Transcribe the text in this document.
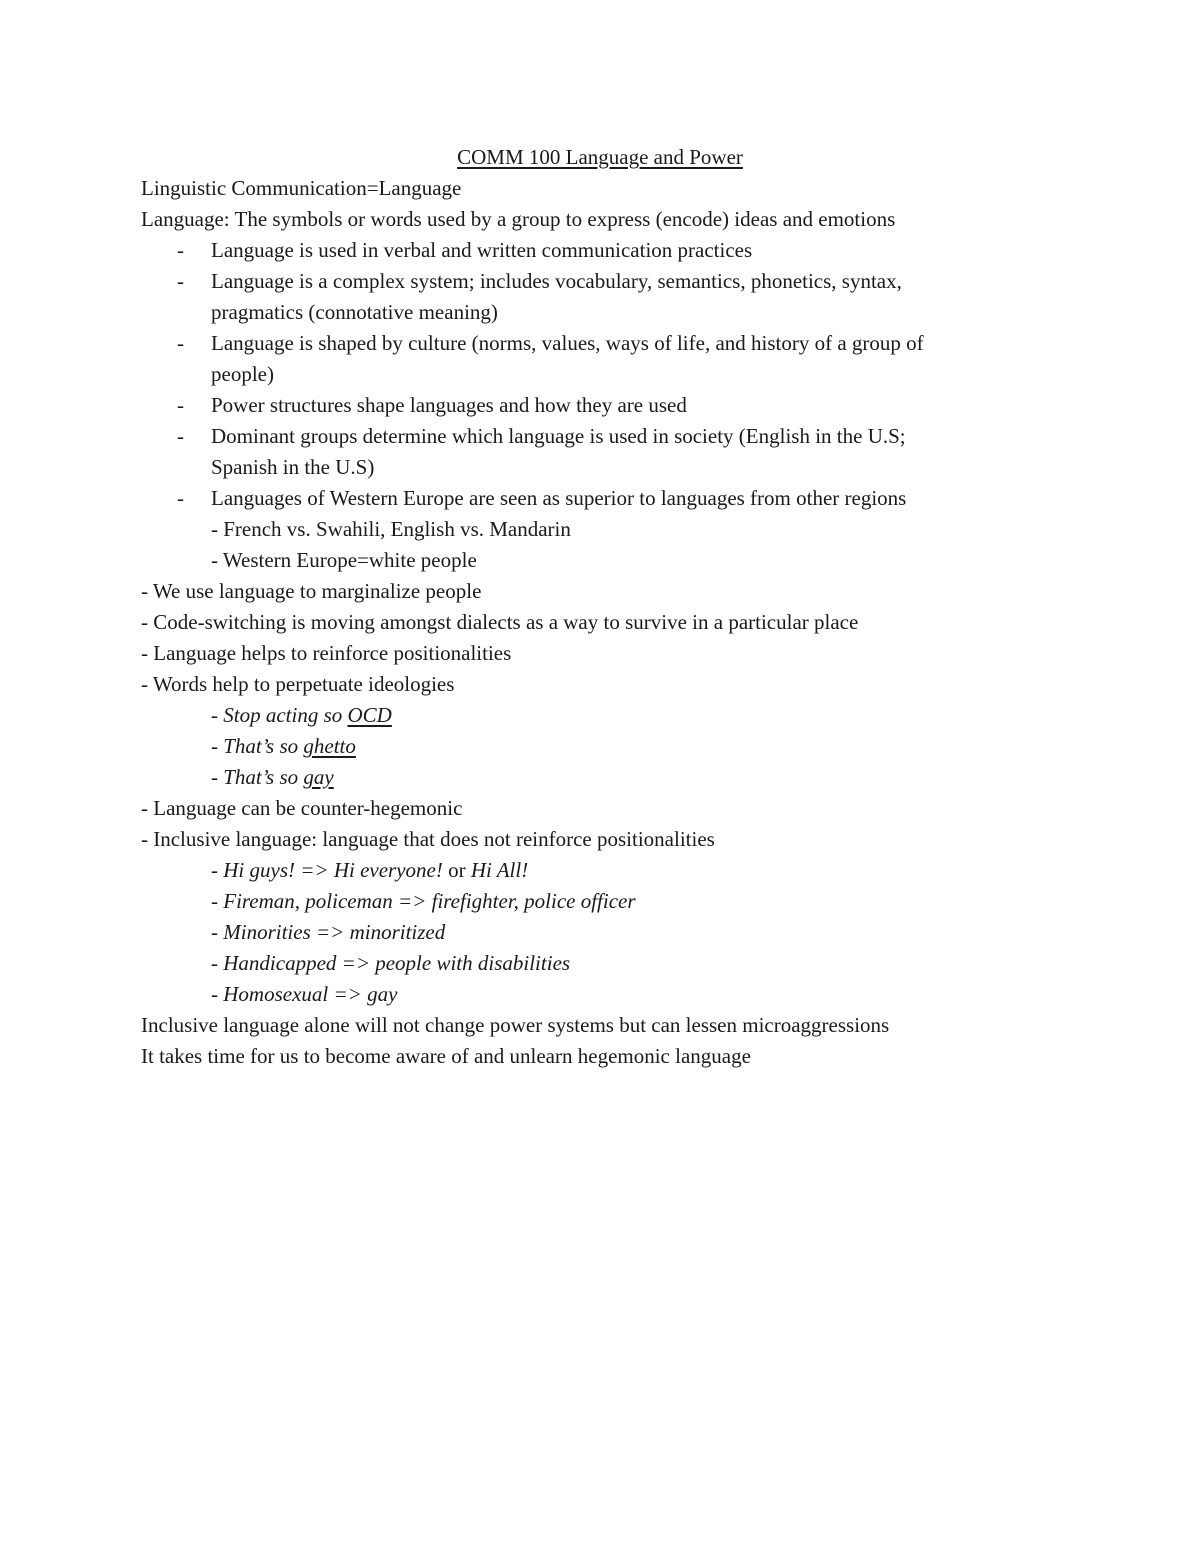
COMM 100 Language and Power
Linguistic Communication=Language
Language: The symbols or words used by a group to express (encode) ideas and emotions
- Language is used in verbal and written communication practices
- Language is a complex system; includes vocabulary, semantics, phonetics, syntax,
pragmatics (connotative meaning)
- Language is shaped by culture (norms, values, ways of life, and history of a group of
people)
- Power structures shape languages and how they are used
- Dominant groups determine which language is used in society (English in the U.S;
Spanish in the U.S)
- Languages of Western Europe are seen as superior to languages from other regions
- French vs. Swahili, English vs. Mandarin
- Western Europe=white people
- We use language to marginalize people
- Code-switching is moving amongst dialects as a way to survive in a particular place
- Language helps to reinforce positionalities
- Words help to perpetuate ideologies
- Stop acting so OCD
- That’s so ghetto
- That’s so gay
- Language can be counter-hegemonic
- Inclusive language: language that does not reinforce positionalities
- Hi guys! => Hi everyone! or Hi All!
- Fireman, policeman => firefighter, police officer
- Minorities => minoritized
- Handicapped => people with disabilities
- Homosexual => gay
Inclusive language alone will not change power systems but can lessen microaggressions
It takes time for us to become aware of and unlearn hegemonic language
